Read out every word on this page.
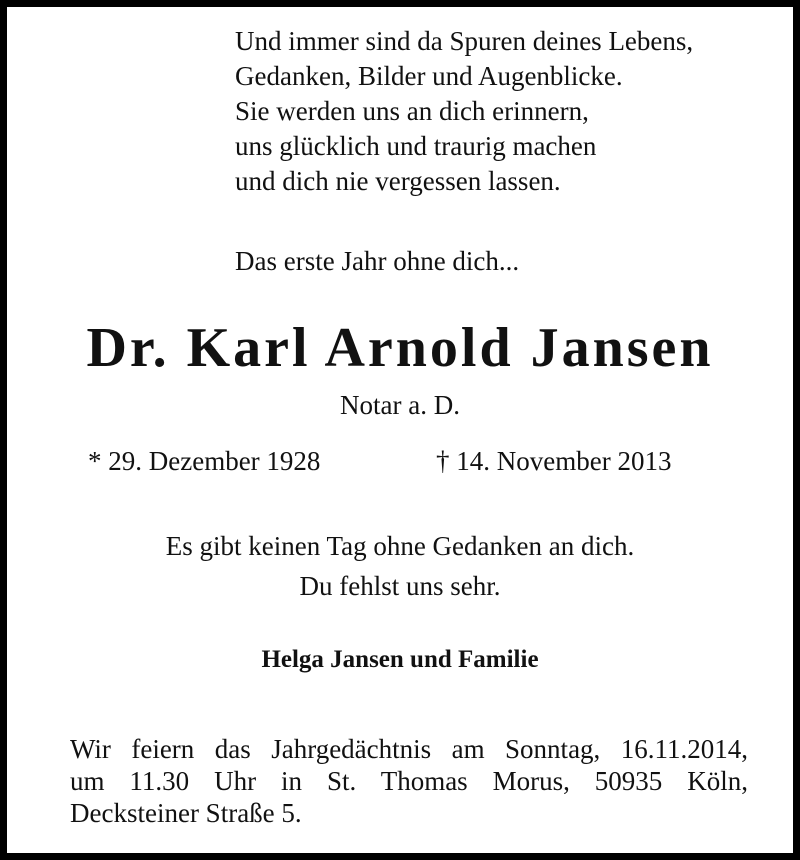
Und immer sind da Spuren deines Lebens,
Gedanken, Bilder und Augenblicke.
Sie werden uns an dich erinnern,
uns glücklich und traurig machen
und dich nie vergessen lassen.
Das erste Jahr ohne dich...
Dr. Karl Arnold Jansen
Notar a. D.
* 29. Dezember 1928	† 14. November 2013
Es gibt keinen Tag ohne Gedanken an dich.
Du fehlst uns sehr.
Helga Jansen und Familie
Wir feiern das Jahrgedächtnis am Sonntag, 16.11.2014,
um 11.30 Uhr in St. Thomas Morus, 50935 Köln,
Decksteiner Straße 5.
